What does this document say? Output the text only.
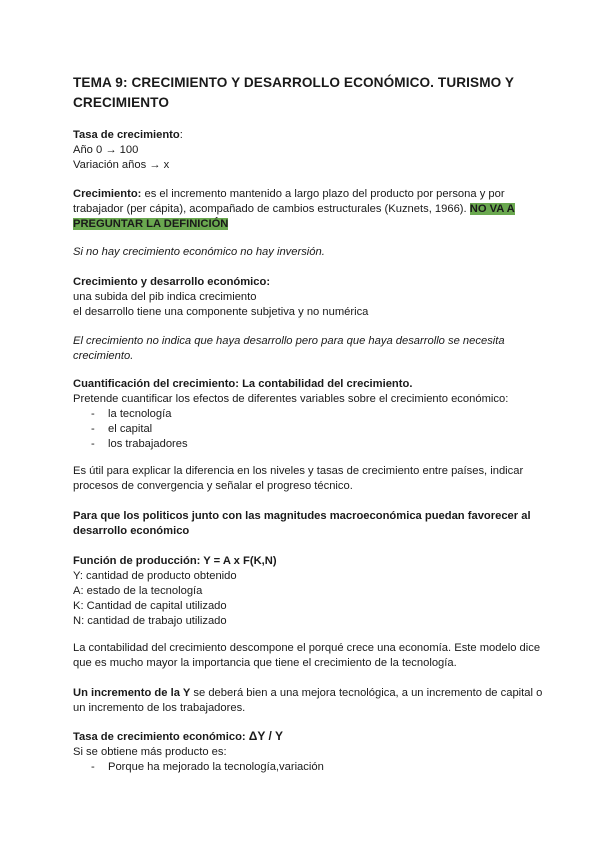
TEMA 9: CRECIMIENTO Y DESARROLLO ECONÓMICO. TURISMO Y CRECIMIENTO
Tasa de crecimiento:
Año 0 → 100
Variación años → x
Crecimiento: es el incremento mantenido a largo plazo del producto por persona y por trabajador (per cápita), acompañado de cambios estructurales (Kuznets, 1966). NO VA A PREGUNTAR LA DEFINICIÓN
Si no hay crecimiento económico no hay inversión.
Crecimiento y desarrollo económico:
una subida del pib indica crecimiento
el desarrollo tiene una componente subjetiva y no numérica
El crecimiento no indica que haya desarrollo pero para que haya desarrollo se necesita crecimiento.
Cuantificación del crecimiento: La contabilidad del crecimiento.
Pretende cuantificar los efectos de diferentes variables sobre el crecimiento económico:
- la tecnología
- el capital
- los trabajadores
Es útil para explicar la diferencia en los niveles y tasas de crecimiento entre países, indicar procesos de convergencia y señalar el progreso técnico.
Para que los politicos junto con las magnitudes macroeconómica puedan favorecer al desarrollo económico
Función de producción: Y = A x F(K,N)
Y: cantidad de producto obtenido
A: estado de la tecnología
K: Cantidad de capital utilizado
N: cantidad de trabajo utilizado
La contabilidad del crecimiento descompone el porqué crece una economía. Este modelo dice que es mucho mayor la importancia que tiene el crecimiento de la tecnología.
Un incremento de la Y se deberá bien a una mejora tecnológica, a un incremento de capital o un incremento de los trabajadores.
Tasa de crecimiento económico: ΔY / Y
Si se obtiene más producto es:
- Porque ha mejorado la tecnología,variación
